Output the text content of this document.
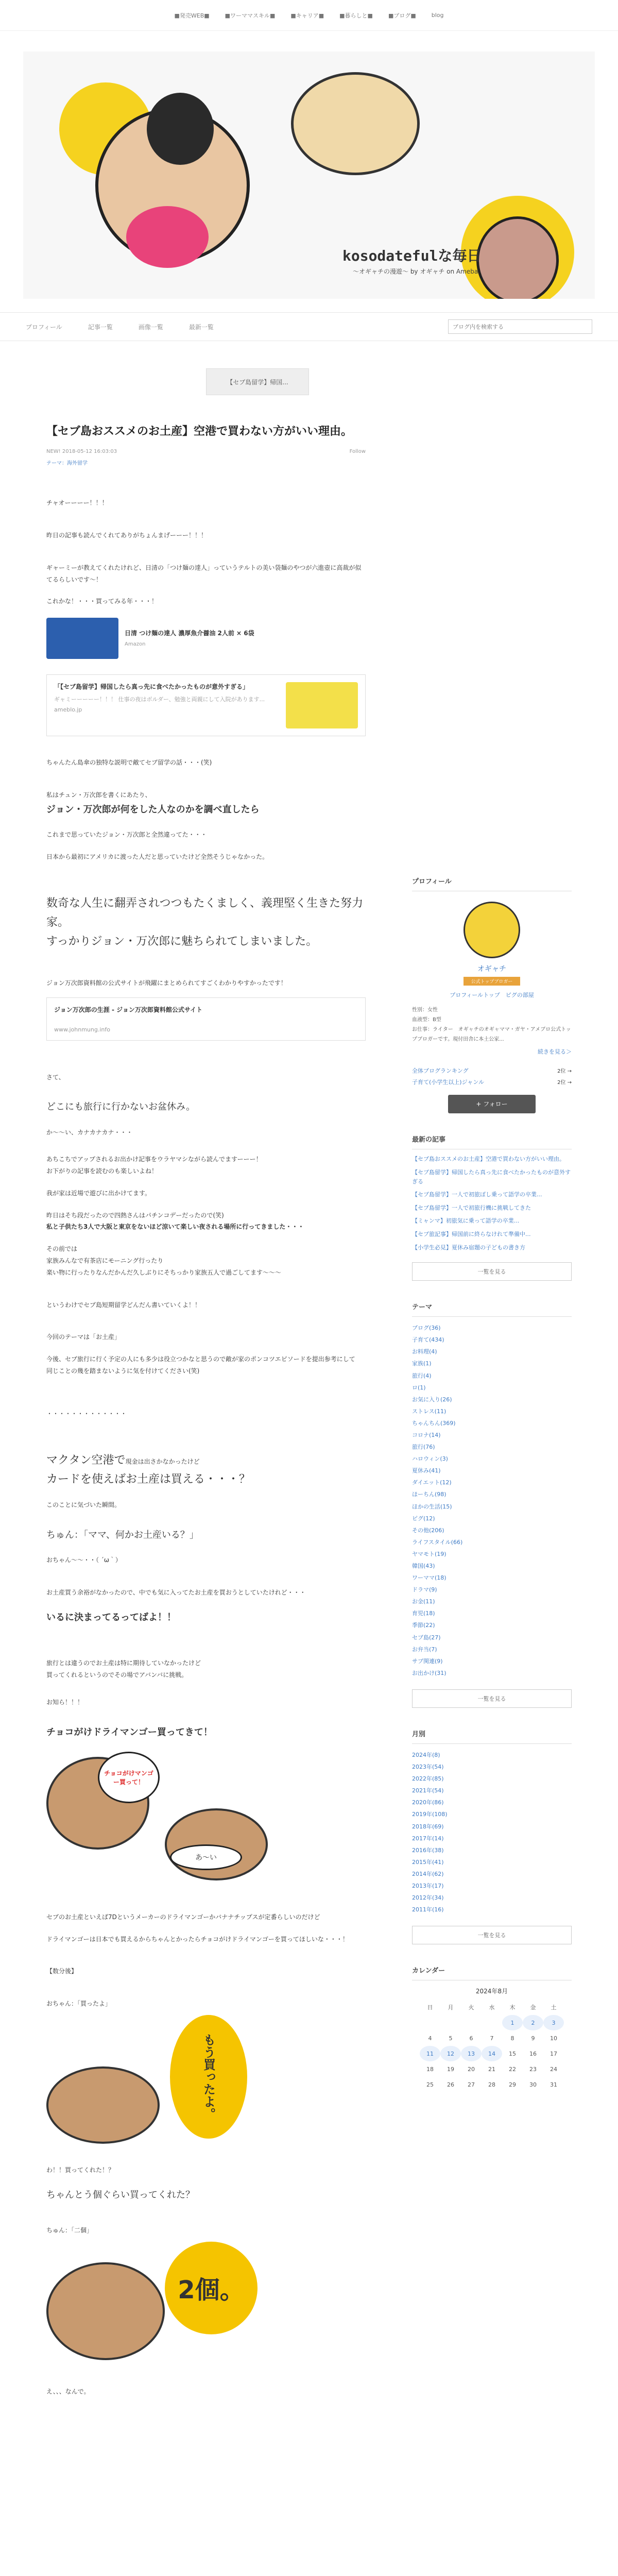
■発売WEB■	■ワーママスキル■	■キャリア■	■暮らしと■	■ブログ■	blog
kosodatefulな毎日
〜オギャチの漫遊〜 by オギャチ on Ameba
プロフィール	記事一覧	画像一覧	最新一覧
ブログ内を検索する
【セブ島留学】帰国...
【セブ島おススメのお土産】空港で買わない方がいい理由。
NEW! 2018-05-12 16:03:03	Follow
テーマ：海外留学
チャオーーーー！！！
昨日の記事も読んでくれてありがちょんまげーーー！！！
ギャーミーが教えてくれたけれど、日清の「つけ麺の達人」っていうテルトの美い袋麺のやつが六進壺に高裁が似てるらしいです〜！
これかな！・・・買ってみる年・・・！
日清 つけ麺の達人 濃厚魚介醤油 2人前 × 6袋
Amazon
「【セブ島留学】帰国したら真っ先に食べたかったものが意外すぎる」
ギャミーーーーー！！！ 仕事の夜はボルダー、勉強と両親にして入院があります...
ameblo.jp
ちゃんたん島傘の独特な説明で敵てセブ留学の話・・・(笑)
私はチュン・万次郎を書くにあたり、
ジョン・万次郎が何をした人なのかを調べ直したら
これまで思っていたジョン・万次郎と全然違ってた・・・
日本から最初にアメリカに渡った人だと思っていたけど全然そうじゃなかった。
数奇な人生に翻弄されつつもたくましく、義理堅く生きた努力家。
すっかりジョン・万次郎に魅ちられてしまいました。
ジョン万次郎資料館の公式サイトが飛躍にまとめられてすごくわかりやすかったです！
ジョン万次郎の生涯 - ジョン万次郎資料館公式サイト
www.johnmung.info
さて、
どこにも旅行に行かないお盆休み。
か〜〜い、カナカナカナ・・・
あちこちでアップされるお出かけ記事をウラヤマシながら読んでますーーー！
お下がりの記事を読むのも楽しいよね！
我が家は近場で遊びに出かけてます。
昨日はそち段だったので四熱さんはパチンコデーだったので(笑)
私と子供たち3人で大阪と東京をないほど涼いて楽しい夜される場所に行ってきました・・・
その前では
家族みんなで有茶店にモーニング行ったり
楽い物に行ったりなんだかんだ久しぶりにそちっかり家族五人で過ごしてます〜〜〜
というわけでセブ島短期留学どんだん書いていくよ！！
今回のテーマは「お土産」
今後、セブ旅行に行く予定の人にも多少は役立つかなと思うので敵が家のポンコツエピソードを提出参考にして
同じことの幾を踏まないように気を付けてください(笑)
・・・・・・・・・・・・・
マクタン空港で現金は出さかなかったけど
カードを使えばお土産は買える・・・？
このことに気づいた瞬間。
ちゅん：「ママ、何かお土産いる？」
おちゃん〜〜・・（ ´ω｀）
お土産買う余裕がなかったので、中でも気に入ってたお土産を買おうとしていたけれど・・・
いるに決まってるってばよ！！
旅行とは違うのでお土産は特に期待していなかったけど
買ってくれるというのでその場でアバンバに挑戦。
お知ら！！！
チョコがけドライマンゴー買ってきて！
チョコがけマンゴー買って！
あ〜い
セブのお土産といえば7Dというメーカーのドライマンゴーかバナナチップスが定番らしいのだけど
ドライマンゴーは日本でも買えるからちゃんとかったらチョコがけドライマンゴーを買ってほしいな・・・！
【数分後】
おちゃん：「買ったよ」
もう買ったよ。
わ！！買ってくれた！？
ちゃんとう個ぐらい買ってくれた？
ちゅん：「二個」
2個。
え、、、なんで。
プロフィール
オギャチ
公式トップブロガー
プロフィールトップ　ピグの部屋
性別：女性
血液型：B型
お仕事：ライター　オギャチのオギャママ・ガヤ・アメブロ公式トップブロガーです。現付田舎に本土公家...
続きを見る＞
全体ブログランキング	2位 →
子育て(小学生以上)ジャンル	2位 →
+ フォロー
最新の記事
【セブ島おススメのお土産】空港で買わない方がいい理由。
【セブ島留学】帰国したら真っ先に食べたかったものが意外すぎる
【セブ島留学】一人で初旅ぼし乗って語学の卒業...
【セブ島留学】一人で初旅行機に挑戦してきた
【ミャンマ】初旅気に乗って語学の卒業...
【セブ旅記事】帰国前に終らなけれて準備中...
【小学生必見】夏休み宿題の子どもの書き方
一覧を見る
テーマ
ブログ(36)
子育て(434)
お料理(4)
家族(1)
旅行(4)
ロ(1)
お気に入り(26)
ストレス(11)
ちゃんちん(369)
コロナ(14)
旅行(76)
ハロウィン(3)
夏休み(41)
ダイエット(12)
ほーちん(98)
ほかの生活(15)
ピグ(12)
その他(206)
ライフスタイル(66)
ヤマモト(19)
韓国(43)
ワーママ(18)
ドラマ(9)
お金(11)
育児(18)
季節(22)
セブ島(27)
お弁当(7)
サブ関連(9)
お出かけ(31)
一覧を見る
月別
2024年(8)
2023年(54)
2022年(85)
2021年(54)
2020年(86)
2019年(108)
2018年(69)
2017年(14)
2016年(38)
2015年(41)
2014年(62)
2013年(17)
2012年(34)
2011年(16)
一覧を見る
カレンダー
2024年8月
日	月	火	水	木	金	土
				1	2	3
4	5	6	7	8	9	10
11	12	13	14	15	16	17
18	19	20	21	22	23	24
25	26	27	28	29	30	31
